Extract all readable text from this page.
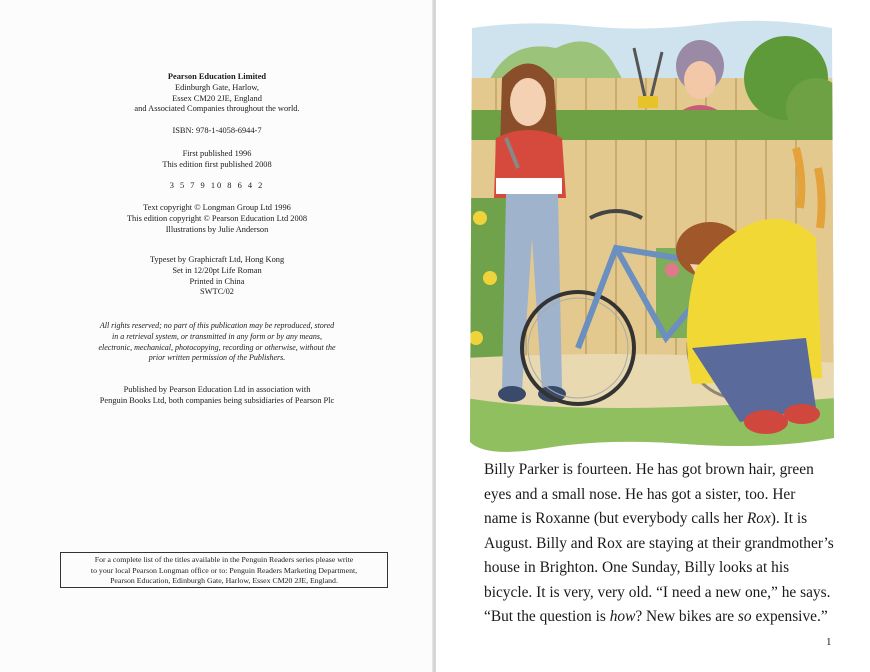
Pearson Education Limited
Edinburgh Gate, Harlow,
Essex CM20 2JE, England
and Associated Companies throughout the world.
ISBN: 978-1-4058-6944-7
First published 1996
This edition first published 2008
3 5 7 9 10 8 6 4 2
Text copyright © Longman Group Ltd 1996
This edition copyright © Pearson Education Ltd 2008
Illustrations by Julie Anderson
Typeset by Graphicraft Ltd, Hong Kong
Set in 12/20pt Life Roman
Printed in China
SWTC/02
All rights reserved; no part of this publication may be reproduced, stored
in a retrieval system, or transmitted in any form or by any means,
electronic, mechanical, photocopying, recording or otherwise, without the
prior written permission of the Publishers.
Published by Pearson Education Ltd in association with
Penguin Books Ltd, both companies being subsidiaries of Pearson Plc
For a complete list of the titles available in the Penguin Readers series please write
to your local Pearson Longman office or to: Penguin Readers Marketing Department,
Pearson Education, Edinburgh Gate, Harlow, Essex CM20 2JE, England.
Billy Parker is fourteen. He has got brown hair, green
eyes and a small nose. He has got a sister, too. Her
name is Roxanne (but everybody calls her Rox). It is
August. Billy and Rox are staying at their grandmother’s
house in Brighton. One Sunday, Billy looks at his
bicycle. It is very, very old. “I need a new one,” he says.
“But the question is how? New bikes are so expensive.”
1
